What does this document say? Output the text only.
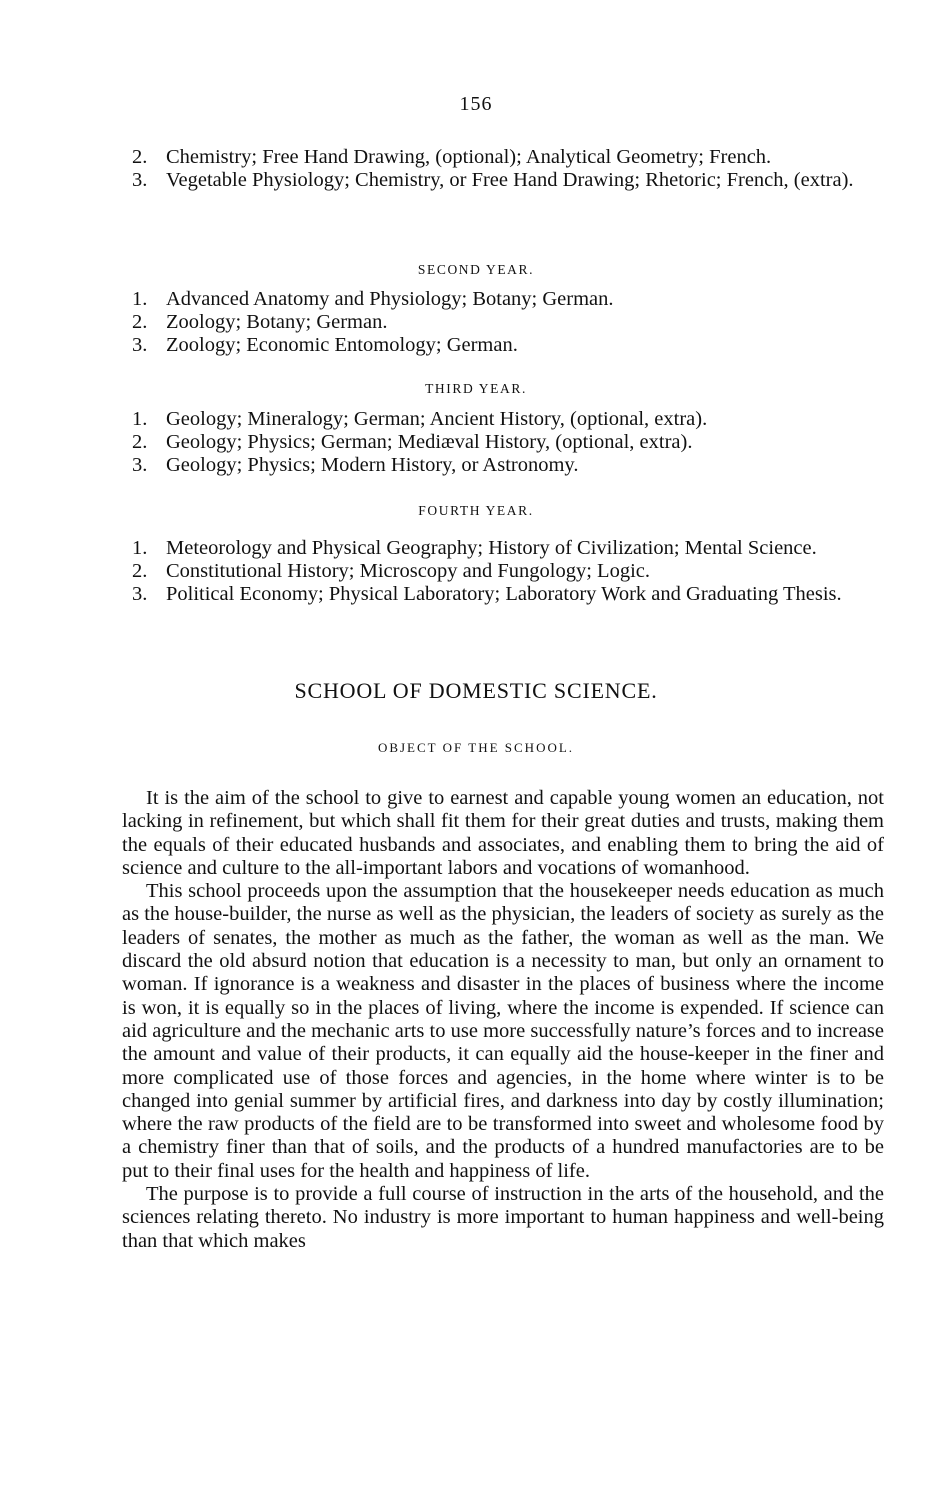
156
2. Chemistry; Free Hand Drawing, (optional); Analytical Geometry; French.
3. Vegetable Physiology; Chemistry, or Free Hand Drawing; Rhetoric; French, (extra).
SECOND YEAR.
1. Advanced Anatomy and Physiology; Botany; German.
2. Zoology; Botany; German.
3. Zoology; Economic Entomology; German.
THIRD YEAR.
1. Geology; Mineralogy; German; Ancient History, (optional, extra).
2. Geology; Physics; German; Mediæval History, (optional, extra).
3. Geology; Physics; Modern History, or Astronomy.
FOURTH YEAR.
1. Meteorology and Physical Geography; History of Civilization; Mental Science.
2. Constitutional History; Microscopy and Fungology; Logic.
3. Political Economy; Physical Laboratory; Laboratory Work and Graduating Thesis.
SCHOOL OF DOMESTIC SCIENCE.
OBJECT OF THE SCHOOL.

It is the aim of the school to give to earnest and capable young women an education, not lacking in refinement, but which shall fit them for their great duties and trusts, making them the equals of their educated husbands and associates, and enabling them to bring the aid of science and culture to the all-important labors and vocations of womanhood.

This school proceeds upon the assumption that the housekeeper needs education as much as the house-builder, the nurse as well as the physician, the leaders of society as surely as the leaders of senates, the mother as much as the father, the woman as well as the man. We discard the old absurd notion that education is a necessity to man, but only an ornament to woman. If ignorance is a weakness and disaster in the places of business where the income is won, it is equally so in the places of living, where the income is expended. If science can aid agriculture and the mechanic arts to use more successfully nature’s forces and to increase the amount and value of their products, it can equally aid the house-keeper in the finer and more complicated use of those forces and agencies, in the home where winter is to be changed into genial summer by artificial fires, and darkness into day by costly illumination; where the raw products of the field are to be transformed into sweet and wholesome food by a chemistry finer than that of soils, and the products of a hundred manufactories are to be put to their final uses for the health and happiness of life.

The purpose is to provide a full course of instruction in the arts of the household, and the sciences relating thereto. No industry is more important to human happiness and well-being than that which makes
